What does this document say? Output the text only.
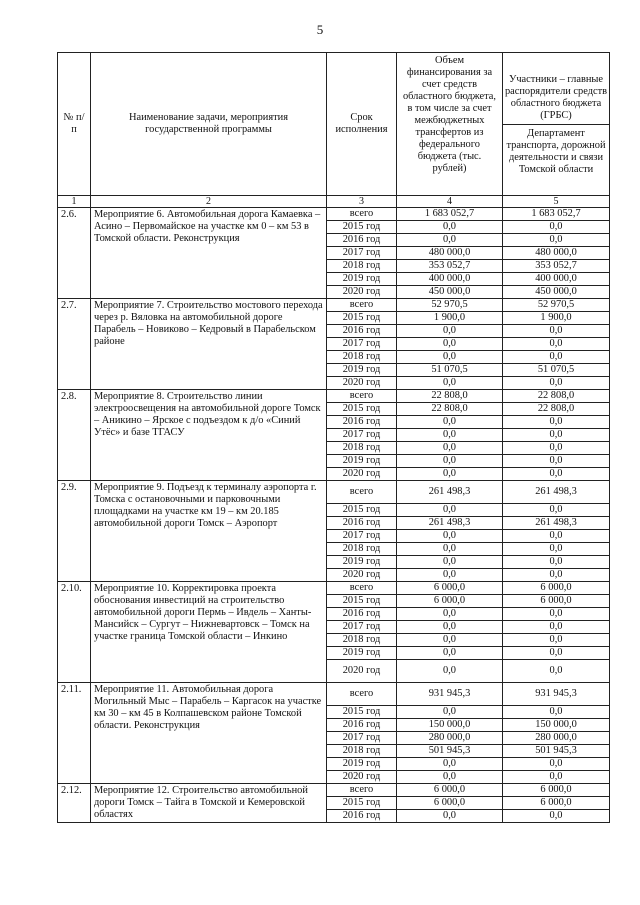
5
№ п/п	Наименование задачи, мероприятия государственной программы	Срок исполнения	Объем финансирования за счет средств областного бюджета, в том числе за счет межбюджетных трансфертов из федерального бюджета (тыс. рублей)	Участники – главные распорядители средств областного бюджета (ГРБС)
Департамент транспорта, дорожной деятельности и связи Томской области

1	2	3	4	5
2.6.	Мероприятие 6. Автомобильная дорога Камаевка – Асино – Первомайское на участке км 0 – км 53 в Томской области. Реконструкция	всего	1 683 052,7	1 683 052,7
		2015 год	0,0	0,0
		2016 год	0,0	0,0
		2017 год	480 000,0	480 000,0
		2018 год	353 052,7	353 052,7
		2019 год	400 000,0	400 000,0
		2020 год	450 000,0	450 000,0
2.7.	Мероприятие 7. Строительство мостового перехода через р. Вяловка на автомобильной дороге Парабель – Новиково – Кедровый в Парабельском районе	всего	52 970,5	52 970,5
		2015 год	1 900,0	1 900,0
		2016 год	0,0	0,0
		2017 год	0,0	0,0
		2018 год	0,0	0,0
		2019 год	51 070,5	51 070,5
		2020 год	0,0	0,0
2.8.	Мероприятие 8. Строительство линии электроосвещения на автомобильной дороге Томск – Аникино – Ярское с подъездом к д/о «Синий Утёс» и базе ТГАСУ	всего	22 808,0	22 808,0
		2015 год	22 808,0	22 808,0
		2016 год	0,0	0,0
		2017 год	0,0	0,0
		2018 год	0,0	0,0
		2019 год	0,0	0,0
		2020 год	0,0	0,0
2.9.	Мероприятие 9. Подъезд к терминалу аэропорта г. Томска с остановочными и парковочными площадками на участке км 19 – км 20.185 автомобильной дороги Томск – Аэропорт	всего	261 498,3	261 498,3
		2015 год	0,0	0,0
		2016 год	261 498,3	261 498,3
		2017 год	0,0	0,0
		2018 год	0,0	0,0
		2019 год	0,0	0,0
		2020 год	0,0	0,0
2.10.	Мероприятие 10. Корректировка проекта обоснования инвестиций на строительство автомобильной дороги Пермь – Ивдель – Ханты-Мансийск – Сургут – Нижневартовск – Томск на участке граница Томской области – Инкино	всего	6 000,0	6 000,0
		2015 год	6 000,0	6 000,0
		2016 год	0,0	0,0
		2017 год	0,0	0,0
		2018 год	0,0	0,0
		2019 год	0,0	0,0
		2020 год	0,0	0,0
2.11.	Мероприятие 11. Автомобильная дорога Могильный Мыс – Парабель – Каргасок на участке км 30 – км 45 в Колпашевском районе Томской области. Реконструкция	всего	931 945,3	931 945,3
		2015 год	0,0	0,0
		2016 год	150 000,0	150 000,0
		2017 год	280 000,0	280 000,0
		2018 год	501 945,3	501 945,3
		2019 год	0,0	0,0
		2020 год	0,0	0,0
2.12.	Мероприятие 12. Строительство автомобильной дороги Томск – Тайга в Томской и Кемеровской областях	всего	6 000,0	6 000,0
		2015 год	6 000,0	6 000,0
		2016 год	0,0	0,0
